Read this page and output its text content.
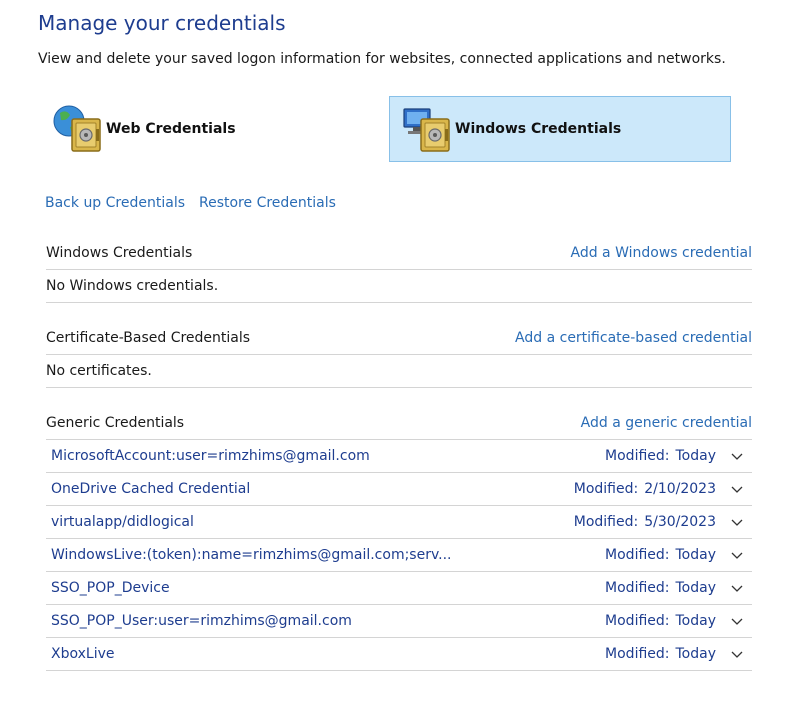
Manage your credentials
View and delete your saved logon information for websites, connected applications and networks.
Web Credentials	Windows Credentials
Back up Credentials Restore Credentials
Windows Credentials	Add a Windows credential
No Windows credentials.
Certificate-Based Credentials	Add a certificate-based credential
No certificates.
Generic Credentials	Add a generic credential
MicrosoftAccount:user=rimzhims@gmail.com	Modified: Today
OneDrive Cached Credential	Modified: 2/10/2023
virtualapp/didlogical	Modified: 5/30/2023
WindowsLive:(token):name=rimzhims@gmail.com;serv...	Modified: Today
SSO_POP_Device	Modified: Today
SSO_POP_User:user=rimzhims@gmail.com	Modified: Today
XboxLive	Modified: Today
